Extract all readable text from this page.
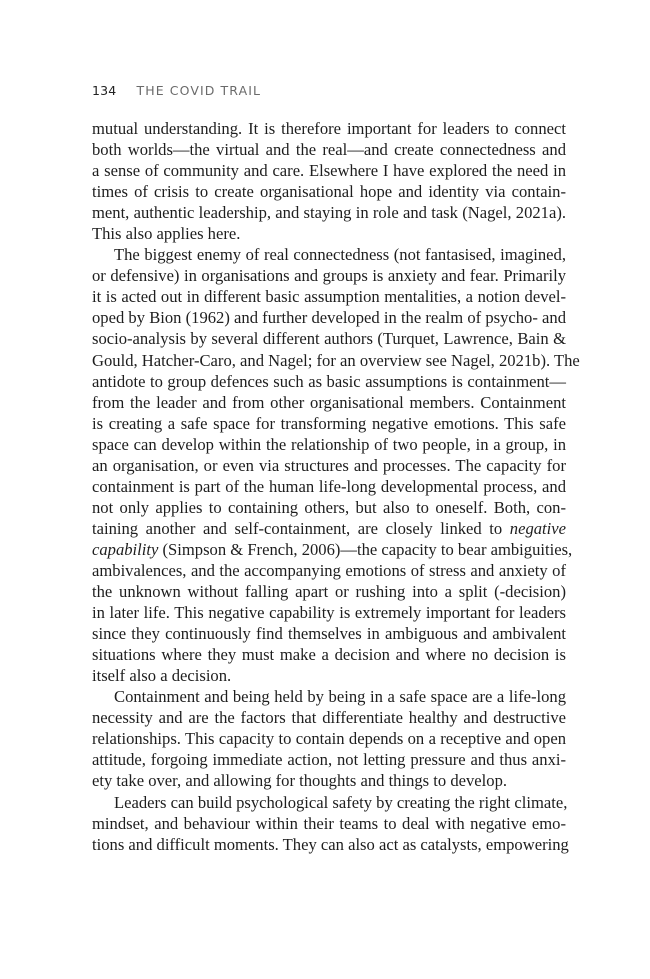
134 THE COVID TRAIL

mutual understanding. It is therefore important for leaders to connect

both worlds—the virtual and the real—and create connectedness and

a sense of community and care. Elsewhere I have explored the need in

times of crisis to create organisational hope and identity via contain-

ment, authentic leadership, and staying in role and task (Nagel, 2021a).

This also applies here.

The biggest enemy of real connectedness (not fantasised, imagined,

or defensive) in organisations and groups is anxiety and fear. Primarily

it is acted out in different basic assumption mentalities, a notion devel-

oped by Bion (1962) and further developed in the realm of psycho- and

socio-analysis by several different authors (Turquet, Lawrence, Bain &

Gould, Hatcher-Caro, and Nagel; for an overview see Nagel, 2021b). The

antidote to group defences such as basic assumptions is containment—

from the leader and from other organisational members. Containment

is creating a safe space for transforming negative emotions. This safe

space can develop within the relationship of two people, in a group, in

an organisation, or even via structures and processes. The capacity for

containment is part of the human life-long developmental process, and

not only applies to containing others, but also to oneself. Both, con-

taining another and self-containment, are closely linked to negative

capability (Simpson & French, 2006)—the capacity to bear ambiguities,

ambivalences, and the accompanying emotions of stress and anxiety of

the unknown without falling apart or rushing into a split (-decision)

in later life. This negative capability is extremely important for leaders

since they continuously find themselves in ambiguous and ambivalent

situations where they must make a decision and where no decision is

itself also a decision.

Containment and being held by being in a safe space are a life-long

necessity and are the factors that differentiate healthy and destructive

relationships. This capacity to contain depends on a receptive and open

attitude, forgoing immediate action, not letting pressure and thus anxi-

ety take over, and allowing for thoughts and things to develop.

Leaders can build psychological safety by creating the right climate,

mindset, and behaviour within their teams to deal with negative emo-

tions and difficult moments. They can also act as catalysts, empowering
